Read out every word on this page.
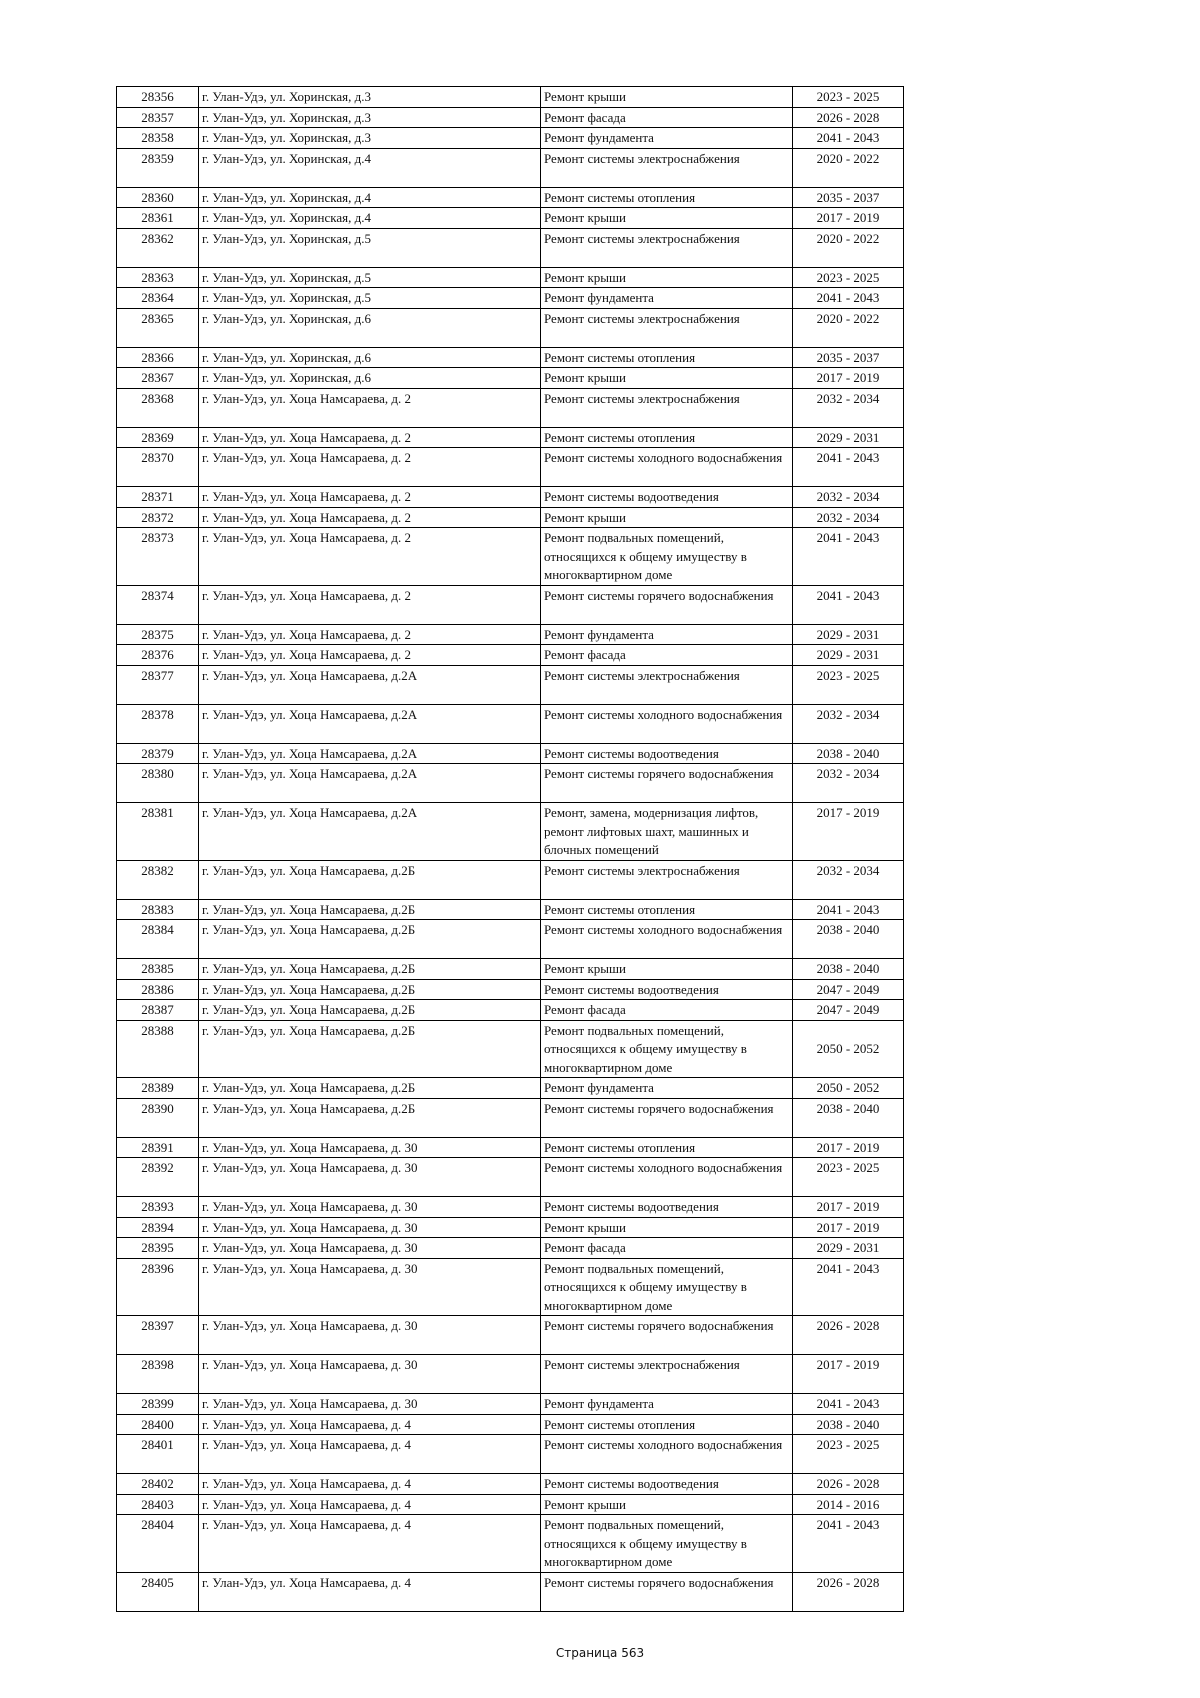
28356	г. Улан-Удэ, ул. Хоринская, д.3	Ремонт крыши	2023 - 2025
28357	г. Улан-Удэ, ул. Хоринская, д.3	Ремонт фасада	2026 - 2028
28358	г. Улан-Удэ, ул. Хоринская, д.3	Ремонт фундамента	2041 - 2043
28359	г. Улан-Удэ, ул. Хоринская, д.4	Ремонт системы электроснабжения	2020 - 2022
28360	г. Улан-Удэ, ул. Хоринская, д.4	Ремонт системы отопления	2035 - 2037
28361	г. Улан-Удэ, ул. Хоринская, д.4	Ремонт крыши	2017 - 2019
28362	г. Улан-Удэ, ул. Хоринская, д.5	Ремонт системы электроснабжения	2020 - 2022
28363	г. Улан-Удэ, ул. Хоринская, д.5	Ремонт крыши	2023 - 2025
28364	г. Улан-Удэ, ул. Хоринская, д.5	Ремонт фундамента	2041 - 2043
28365	г. Улан-Удэ, ул. Хоринская, д.6	Ремонт системы электроснабжения	2020 - 2022
28366	г. Улан-Удэ, ул. Хоринская, д.6	Ремонт системы отопления	2035 - 2037
28367	г. Улан-Удэ, ул. Хоринская, д.6	Ремонт крыши	2017 - 2019
28368	г. Улан-Удэ, ул. Хоца Намсараева, д. 2	Ремонт системы электроснабжения	2032 - 2034
28369	г. Улан-Удэ, ул. Хоца Намсараева, д. 2	Ремонт системы отопления	2029 - 2031
28370	г. Улан-Удэ, ул. Хоца Намсараева, д. 2	Ремонт системы холодного водоснабжения	2041 - 2043
28371	г. Улан-Удэ, ул. Хоца Намсараева, д. 2	Ремонт системы водоотведения	2032 - 2034
28372	г. Улан-Удэ, ул. Хоца Намсараева, д. 2	Ремонт крыши	2032 - 2034
28373	г. Улан-Удэ, ул. Хоца Намсараева, д. 2	Ремонт подвальных помещений, относящихся к общему имуществу в многоквартирном доме	2041 - 2043
28374	г. Улан-Удэ, ул. Хоца Намсараева, д. 2	Ремонт системы горячего водоснабжения	2041 - 2043
28375	г. Улан-Удэ, ул. Хоца Намсараева, д. 2	Ремонт фундамента	2029 - 2031
28376	г. Улан-Удэ, ул. Хоца Намсараева, д. 2	Ремонт фасада	2029 - 2031
28377	г. Улан-Удэ, ул. Хоца Намсараева, д.2А	Ремонт системы электроснабжения	2023 - 2025
28378	г. Улан-Удэ, ул. Хоца Намсараева, д.2А	Ремонт системы холодного водоснабжения	2032 - 2034
28379	г. Улан-Удэ, ул. Хоца Намсараева, д.2А	Ремонт системы водоотведения	2038 - 2040
28380	г. Улан-Удэ, ул. Хоца Намсараева, д.2А	Ремонт системы горячего водоснабжения	2032 - 2034
28381	г. Улан-Удэ, ул. Хоца Намсараева, д.2А	Ремонт, замена, модернизация лифтов, ремонт лифтовых шахт, машинных и блочных помещений	2017 - 2019
28382	г. Улан-Удэ, ул. Хоца Намсараева, д.2Б	Ремонт системы электроснабжения	2032 - 2034
28383	г. Улан-Удэ, ул. Хоца Намсараева, д.2Б	Ремонт системы отопления	2041 - 2043
28384	г. Улан-Удэ, ул. Хоца Намсараева, д.2Б	Ремонт системы холодного водоснабжения	2038 - 2040
28385	г. Улан-Удэ, ул. Хоца Намсараева, д.2Б	Ремонт крыши	2038 - 2040
28386	г. Улан-Удэ, ул. Хоца Намсараева, д.2Б	Ремонт системы водоотведения	2047 - 2049
28387	г. Улан-Удэ, ул. Хоца Намсараева, д.2Б	Ремонт фасада	2047 - 2049
28388	г. Улан-Удэ, ул. Хоца Намсараева, д.2Б	Ремонт подвальных помещений, относящихся к общему имуществу в многоквартирном доме	2050 - 2052
28389	г. Улан-Удэ, ул. Хоца Намсараева, д.2Б	Ремонт фундамента	2050 - 2052
28390	г. Улан-Удэ, ул. Хоца Намсараева, д.2Б	Ремонт системы горячего водоснабжения	2038 - 2040
28391	г. Улан-Удэ, ул. Хоца Намсараева, д. 30	Ремонт системы отопления	2017 - 2019
28392	г. Улан-Удэ, ул. Хоца Намсараева, д. 30	Ремонт системы холодного водоснабжения	2023 - 2025
28393	г. Улан-Удэ, ул. Хоца Намсараева, д. 30	Ремонт системы водоотведения	2017 - 2019
28394	г. Улан-Удэ, ул. Хоца Намсараева, д. 30	Ремонт крыши	2017 - 2019
28395	г. Улан-Удэ, ул. Хоца Намсараева, д. 30	Ремонт фасада	2029 - 2031
28396	г. Улан-Удэ, ул. Хоца Намсараева, д. 30	Ремонт подвальных помещений, относящихся к общему имуществу в многоквартирном доме	2041 - 2043
28397	г. Улан-Удэ, ул. Хоца Намсараева, д. 30	Ремонт системы горячего водоснабжения	2026 - 2028
28398	г. Улан-Удэ, ул. Хоца Намсараева, д. 30	Ремонт системы электроснабжения	2017 - 2019
28399	г. Улан-Удэ, ул. Хоца Намсараева, д. 30	Ремонт фундамента	2041 - 2043
28400	г. Улан-Удэ, ул. Хоца Намсараева, д. 4	Ремонт системы отопления	2038 - 2040
28401	г. Улан-Удэ, ул. Хоца Намсараева, д. 4	Ремонт системы холодного водоснабжения	2023 - 2025
28402	г. Улан-Удэ, ул. Хоца Намсараева, д. 4	Ремонт системы водоотведения	2026 - 2028
28403	г. Улан-Удэ, ул. Хоца Намсараева, д. 4	Ремонт крыши	2014 - 2016
28404	г. Улан-Удэ, ул. Хоца Намсараева, д. 4	Ремонт подвальных помещений, относящихся к общему имуществу в многоквартирном доме	2041 - 2043
28405	г. Улан-Удэ, ул. Хоца Намсараева, д. 4	Ремонт системы горячего водоснабжения	2026 - 2028
Страница 563
